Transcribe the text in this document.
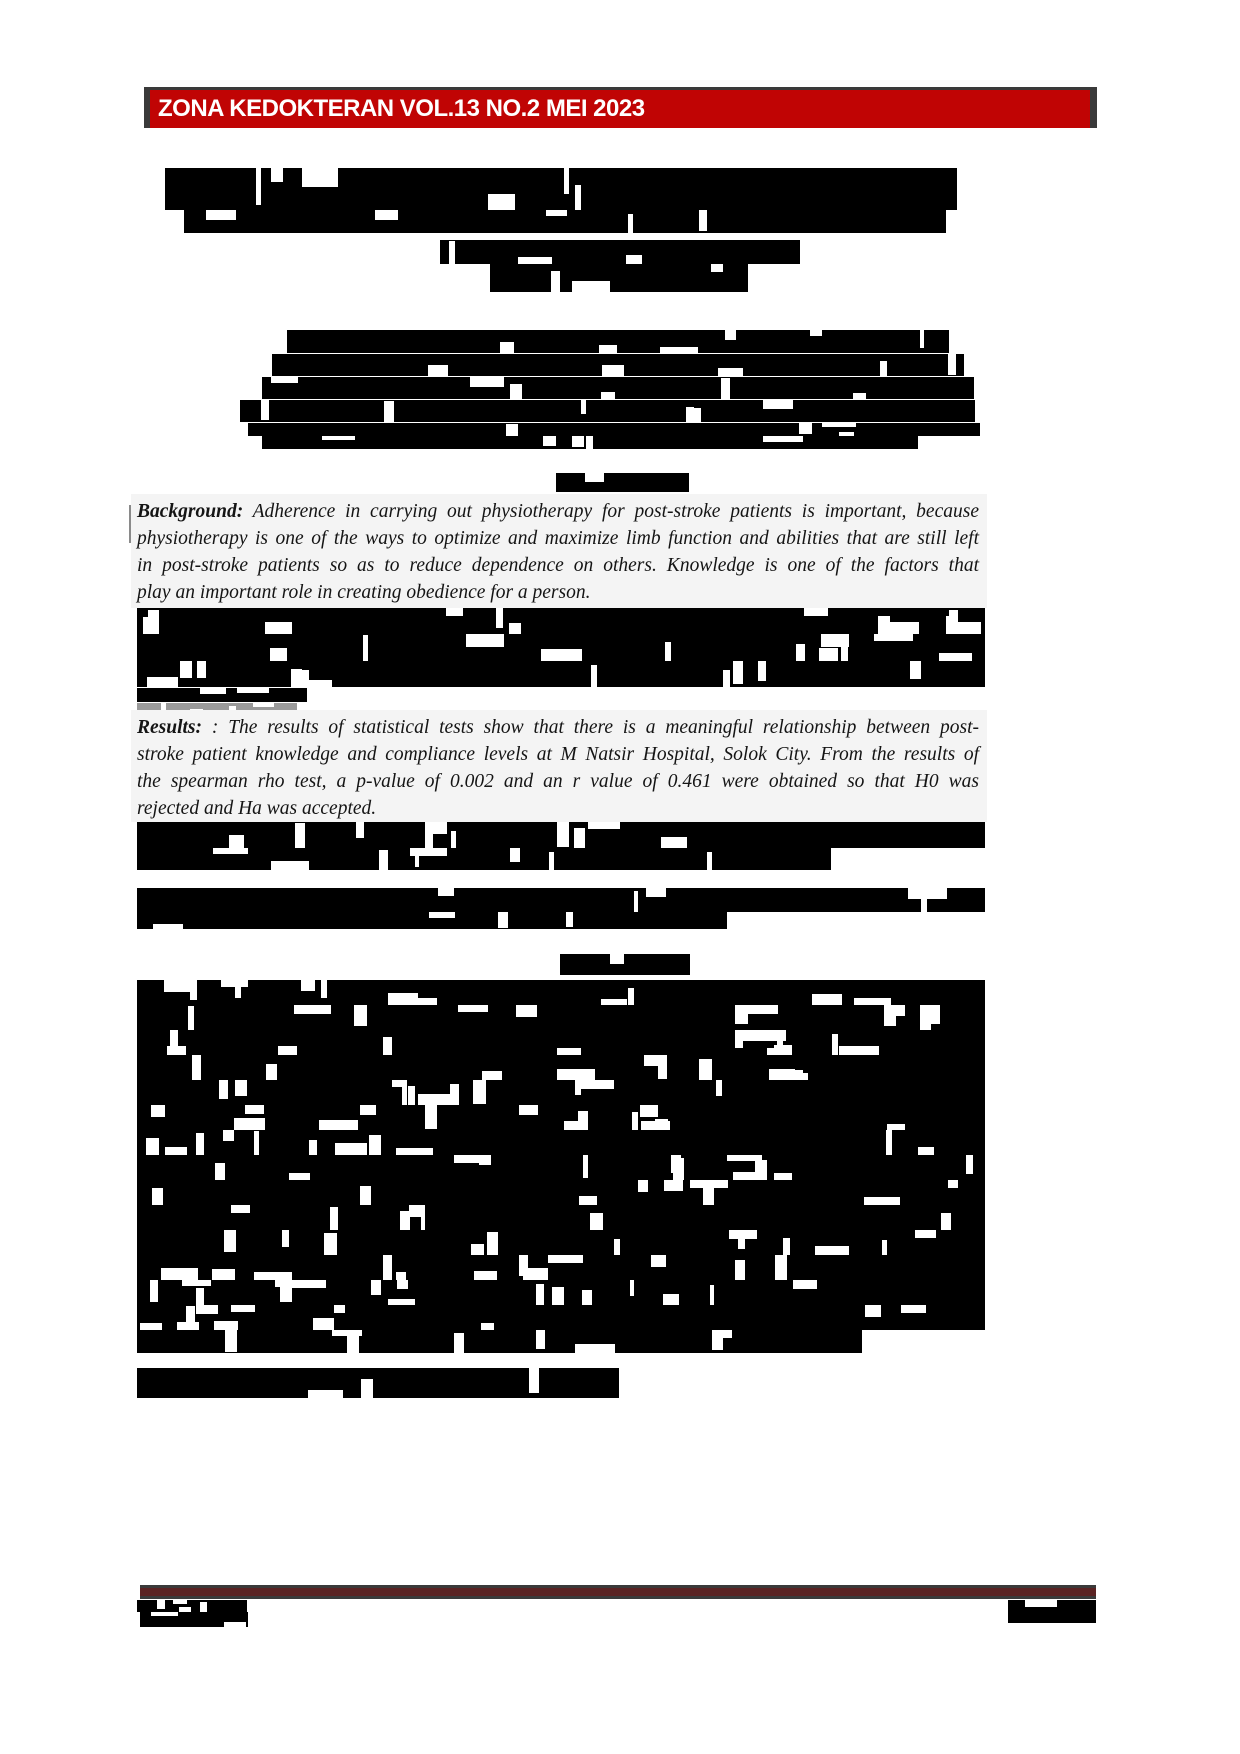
ZONA KEDOKTERAN VOL.13 NO.2 MEI 2023
Background: Adherence in carrying out physiotherapy for post-stroke patients is important, because
physiotherapy is one of the ways to optimize and maximize limb function and abilities that are still left
in post-stroke patients so as to reduce dependence on others. Knowledge is one of the factors that
play an important role in creating obedience for a person.
Results: : The results of statistical tests show that there is a meaningful relationship between post-
stroke patient knowledge and compliance levels at M Natsir Hospital, Solok City. From the results of
the spearman rho test, a p-value of 0.002 and an r value of 0.461 were obtained so that H0 was
rejected and Ha was accepted.
